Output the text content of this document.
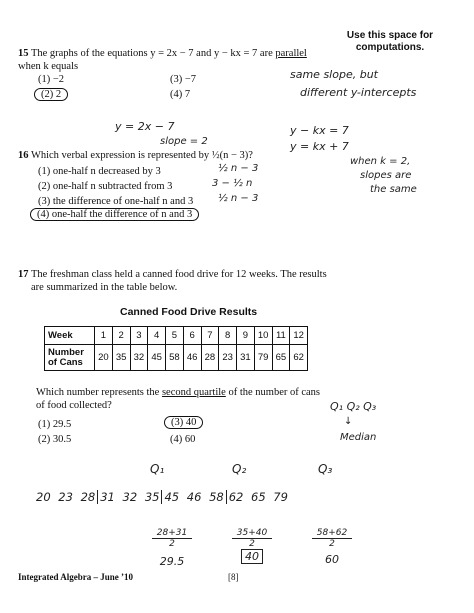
Use this space for computations.
15 The graphs of the equations y = 2x − 7 and y − kx = 7 are parallel
when k equals
(1) −2	(3) −7
(2) 2	(4) 7
same slope, but
different y-intercepts
y = 2x − 7
slope = 2
y − kx = 7
y = kx + 7
when k = 2,
slopes are
the same
16 Which verbal expression is represented by ½(n − 3)?
(1) one-half n decreased by 3
(2) one-half n subtracted from 3
(3) the difference of one-half n and 3
(4) one-half the difference of n and 3
½ n − 3
3 − ½ n
½ n − 3
17 The freshman class held a canned food drive for 12 weeks. The results
are summarized in the table below.
Canned Food Drive Results
Week	1	2	3	4	5	6	7	8	9	10	11	12
Number of Cans	20	35	32	45	58	46	28	23	31	79	65	62
Which number represents the second quartile of the number of cans
of food collected?
(1) 29.5	(3) 40
(2) 30.5	(4) 60
Q₁ Q₂ Q₃
↓
Median
Q₁	Q₂	Q₃
20 23 28 31 32 35 45 46 58 62 65 79
28+31
2
29.5
35+40
2
40
58+62
2
60
Integrated Algebra – June ’10	[8]
